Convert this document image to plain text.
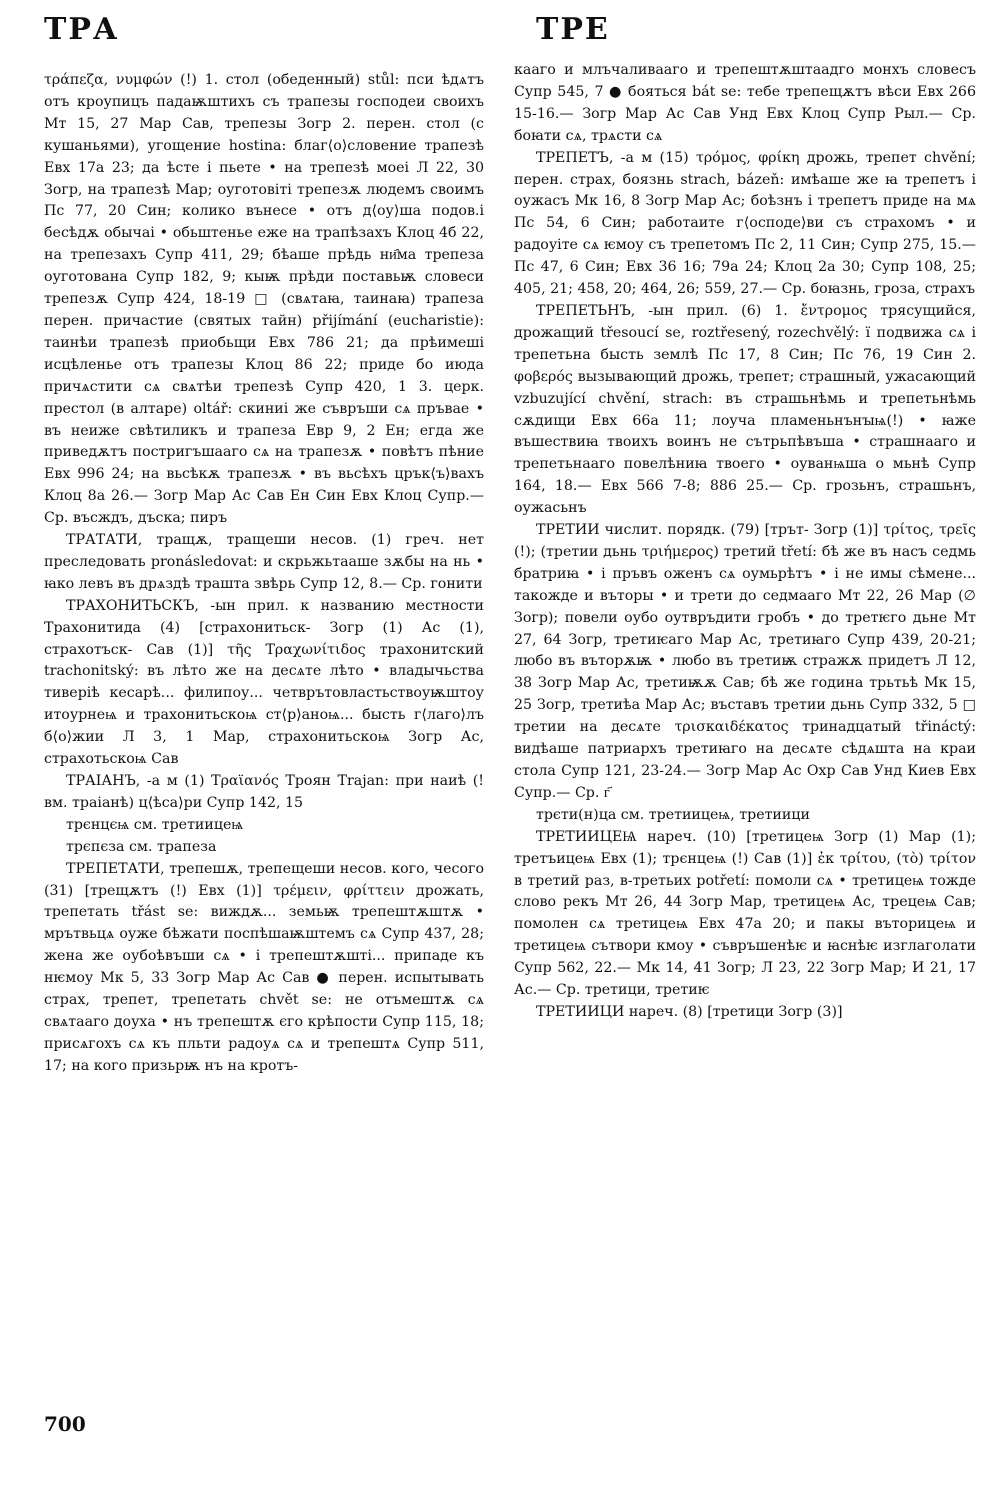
ТРА	ТРЕ

τράπεζα, νυμφών (!) 1. стол (обеденный) stůl: пси ѣдѧтъ отъ кроупицъ падаѭштихъ съ трапезы господеи своихъ Мт 15, 27 Мар Сав, трепезы Зогр 2. перен. стол (с кушаньями), угощение hostina: благ⟨о⟩словение трапезѣ Евх 17а 23; да ѣсте і пьете • на трепезѣ моеі Л 22, 30 Зогр, на трапезѣ Мар; оуготовіті трепезѫ людемъ своимъ Пс 77, 20 Син; колико вънесе • отъ д⟨оу⟩ша подов.і бесѣдѫ обычаі • обьштенье еже на трапѣзахъ Клоц 4б 22, на трепезахъ Супр 411, 29; бѣаше прѣдь ни҄ма трепеза оуготована Супр 182, 9; кыѭ прѣди поставьѭ словеси трепезѫ Супр 424, 18-19 □ (свѧтаꙗ, таинаꙗ) трапеза перен. причастие (святых тайн) přijímání (eucharistie): таинѣи трапезѣ приобьщи Евх 786 21; да прѣимеші исцѣленье отъ трапезы Клоц 86 22; приде бо июда причѧстити сѧ свѧтѣи трепезѣ Супр 420, 1 3. церк. престол (в алтаре) oltář: скиниі же съвръши сѧ пръвае • въ неиже свѣтиликъ и трапеза Евр 9, 2 Ен; егда же приведѫтъ постригъшааго сѧ на трапезѫ • повѣтъ пѣние Евх 996 24; на вьсѣкѫ трапезѫ • въ вьсѣхъ црък⟨ъ⟩вахъ Клоц 8а 26.— Зогр Мар Ас Сав Ен Син Евх Клоц Супр.— Ср. въсждъ, дъска; пиръ

ТРАТАТИ, тращѫ, тращеши несов. (1) греч. нет преследовать pronásledovat: и скрьжьтааше зѫбы на нь • ꙗко левъ въ дрѧздѣ трашта звѣрь Супр 12, 8.— Ср. гонити

ТРАХОНИТЬСКЪ, -ын прил. к названию местности Трахонитида (4) [страхонитьск- Зогр (1) Ас (1), страхотъск- Сав (1)] τῆς Τραχωνίτιδος трахонитский trachonitský: въ лѣто же на десѧте лѣто • владычьства тиверіѣ кесарѣ... филипоу... четврътовластьствоуѭштоу итоурнеѩ и трахонитьскоѩ ст⟨р⟩аноѩ... бысть г⟨лаго⟩лъ б⟨о⟩жии Л 3, 1 Мар, страхонитьскоѩ Зогр Ас, страхотьскоѩ Сав

ТРАІАНЪ, -а м (1) Τραϊανός Троян Trajan: при наиѣ (! вм. траіанѣ) ц⟨ѣса⟩ри Супр 142, 15

трєнцєѩ см. третиицеѩ

трєпєза см. трапеза

ТРЕПЕТАТИ, трепешѫ, трепещеши несов. кого, чесого (31) [трещѫтъ (!) Евх (1)] τρέμειν, φρίττειν дрожать, трепетать třást se: виждѫ... земьѭ трепештѫштѫ • мрътвьцѧ оуже бѣжати поспѣшаѭштемъ сѧ Супр 437, 28; жена же оубоѣвъши сѧ • і трепештѫшті... припаде къ нѥмоу Мк 5, 33 Зогр Мар Ас Сав ● перен. испытывать страх, трепет, трепетать chvět se: не отъмештѫ сѧ свѧтааго доуха • нъ трепештѫ єго крѣпости Супр 115, 18; присѧгохъ сѧ къ пльти радоуѧ сѧ и трепештѧ Супр 511, 17; на кого призьрѭ нъ на кротъ-

кааго и млъчаливааго и трепештѫштаадго монхъ словесъ Супр 545, 7 ● бояться bát se: тебе трепещѫтъ вѣси Евх 266 15-16.— Зогр Мар Ас Сав Унд Евх Клоц Супр Рыл.— Ср. боꙗти сѧ, трѧсти сѧ

ТРЕПЕТЪ, -а м (15) τρόμος, φρίκη дрожь, трепет chvění; перен. страх, боязнь strach, bázeň: имѣаше же ꙗ трепетъ і оужасъ Мк 16, 8 Зогр Мар Ас; боѣзнъ і трепетъ приде на мѧ Пс 54, 6 Син; работаите г⟨осподе⟩ви съ страхомъ • и радоуіте сѧ ѥмоу съ трепетомъ Пс 2, 11 Син; Супр 275, 15.— Пс 47, 6 Син; Евх 36 16; 79а 24; Клоц 2а 30; Супр 108, 25; 405, 21; 458, 20; 464, 26; 559, 27.— Ср. боꙗзнь, гроза, страхъ

ТРЕПЕТЬНЪ, -ын прил. (6) 1. ἔντρομος трясущийся, дрожащий třesoucí se, roztřesený, rozechvělý: ї подвижа сѧ і трепетьна бысть землѣ Пс 17, 8 Син; Пс 76, 19 Син 2. φοβερός вызывающий дрожь, трепет; страшный, ужасающий vzbuzující chvění, strach: въ страшьнѣмь и трепетьнѣмь сѫдищи Евх 66а 11; лоуча пламеньнънꙑѩ(!) • ꙗже въшествиꙗ твоихъ воинъ не сътрьпѣвъша • страшнааго и трепетьнааго повелѣниꙗ твоего • оуванѩша о мьнѣ Супр 164, 18.— Евх 566 7-8; 886 25.— Ср. грозьнъ, страшьнъ, оужасьнъ

ТРЕТИИ числит. порядк. (79) [трът- Зогр (1)] τρίτος, τρεῖς (!); (третии дьнь τριήμερος) третий třetí: бѣ же въ насъ седмь братриꙗ • і пръвъ оженъ сѧ оумьрѣтъ • і не имы сѣмене... такожде и въторы • и трети до седмааго Мт 22, 26 Мар (∅ Зогр); повели оубо оутвръдити гробъ • до третѥго дьне Мт 27, 64 Зогр, третиѥаго Мар Ас, третиꙗго Супр 439, 20-21; любо въ въторѫѭ • любо въ третиѭ стражѫ придетъ Л 12, 38 Зогр Мар Ас, третиѭѫ Сав; бѣ же година трьтьѣ Мк 15, 25 Зогр, третиѣа Мар Ас; въставъ третии дьнь Супр 332, 5 □ третии на десѧте τρισκαιδέκατος тринадцатый třináctý: видѣаше патриархъ третиꙗго на десѧте сѣдѧшта на краи стола Супр 121, 23-24.— Зогр Мар Ас Охр Сав Унд Киев Евх Супр.— Ср. г҃

трєти(н)ца см. третиицеѩ, третиици

ТРЕТИИЦЕѨ нареч. (10) [третицеѩ Зогр (1) Мар (1); третъицеѩ Евх (1); трєнцеѩ (!) Сав (1)] ἐκ τρίτου, (τὸ) τρίτον в третий раз, в-третьих potřetí: помоли сѧ • третицеѩ тожде слово рекъ Мт 26, 44 Зогр Мар, третицеѩ Ас, трецеѩ Сав; помолен сѧ третицеѩ Евх 47а 20; и пакы въторицеѩ и третицеѩ сътвори кмоу • съвръшенѣѥ и ꙗснѣѥ изглаголати Супр 562, 22.— Мк 14, 41 Зогр; Л 23, 22 Зогр Мар; И 21, 17 Ас.— Ср. третици, третиѥ

ТРЕТИИЦИ нареч. (8) [третици Зогр (3)]

700
